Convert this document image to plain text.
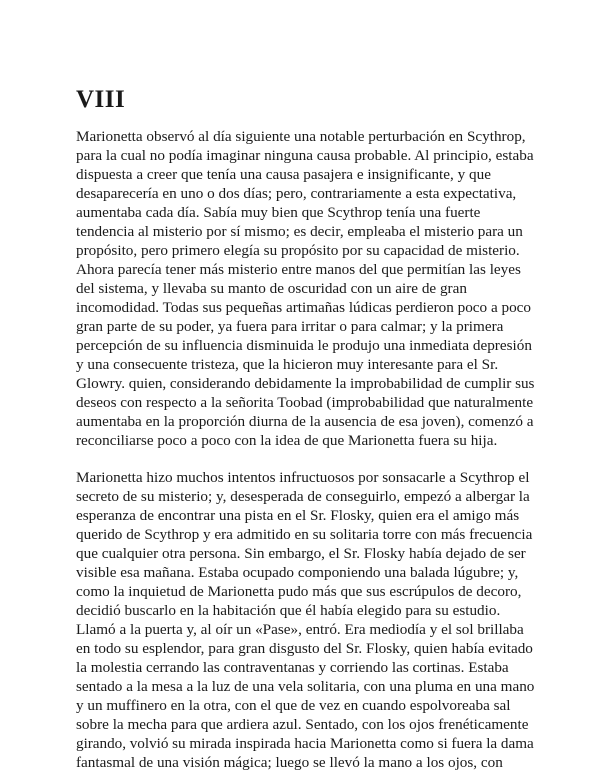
VIII

Marionetta observó al día siguiente una notable perturbación en Scythrop,
para la cual no podía imaginar ninguna causa probable. Al principio, estaba
dispuesta a creer que tenía una causa pasajera e insignificante, y que
desaparecería en uno o dos días; pero, contrariamente a esta expectativa,
aumentaba cada día. Sabía muy bien que Scythrop tenía una fuerte
tendencia al misterio por sí mismo; es decir, empleaba el misterio para un
propósito, pero primero elegía su propósito por su capacidad de misterio.
Ahora parecía tener más misterio entre manos del que permitían las leyes
del sistema, y llevaba su manto de oscuridad con un aire de gran
incomodidad. Todas sus pequeñas artimañas lúdicas perdieron poco a poco
gran parte de su poder, ya fuera para irritar o para calmar; y la primera
percepción de su influencia disminuida le produjo una inmediata depresión
y una consecuente tristeza, que la hicieron muy interesante para el Sr.
Glowry. quien, considerando debidamente la improbabilidad de cumplir sus
deseos con respecto a la señorita Toobad (improbabilidad que naturalmente
aumentaba en la proporción diurna de la ausencia de esa joven), comenzó a
reconciliarse poco a poco con la idea de que Marionetta fuera su hija.

Marionetta hizo muchos intentos infructuosos por sonsacarle a Scythrop el
secreto de su misterio; y, desesperada de conseguirlo, empezó a albergar la
esperanza de encontrar una pista en el Sr. Flosky, quien era el amigo más
querido de Scythrop y era admitido en su solitaria torre con más frecuencia
que cualquier otra persona. Sin embargo, el Sr. Flosky había dejado de ser
visible esa mañana. Estaba ocupado componiendo una balada lúgubre; y,
como la inquietud de Marionetta pudo más que sus escrúpulos de decoro,
decidió buscarlo en la habitación que él había elegido para su estudio.
Llamó a la puerta y, al oír un «Pase», entró. Era mediodía y el sol brillaba
en todo su esplendor, para gran disgusto del Sr. Flosky, quien había evitado
la molestia cerrando las contraventanas y corriendo las cortinas. Estaba
sentado a la mesa a la luz de una vela solitaria, con una pluma en una mano
y un muffinero en la otra, con el que de vez en cuando espolvoreaba sal
sobre la mecha para que ardiera azul. Sentado, con los ojos frenéticamente
girando, volvió su mirada inspirada hacia Marionetta como si fuera la dama
fantasmal de una visión mágica; luego se llevó la mano a los ojos, con
